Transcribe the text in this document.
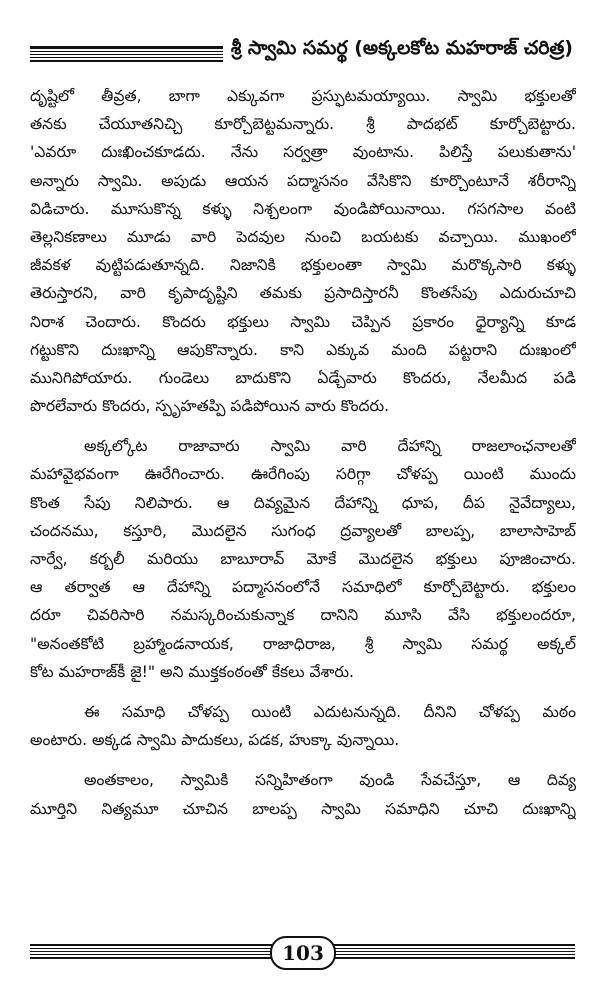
శ్రీ స్వామి సమర్థ (అక్కలకోట మహరాజ్ చరిత్ర)
దృష్టిలో తీవ్రత, బాగా ఎక్కువగా ప్రస్ఫుటమయ్యాయి. స్వామి భక్తులతో
తనకు చేయూతనిచ్చి కూర్చోబెట్టమన్నారు. శ్రీ పాదభట్ కూర్చోబెట్టారు.
'ఎవరూ దుఃఖించకూడదు. నేను సర్వత్రా వుంటాను. పిలిస్తే పలుకుతాను'
అన్నారు స్వామి. అపుడు ఆయన పద్మాసనం వేసికొని కూర్చొంటూనే శరీరాన్ని
విడిచారు. మూసుకొన్న కళ్ళు నిశ్చలంగా వుండిపోయినాయి. గసగసాల వంటి
తెల్లనికణాలు మూడు వారి పెదవుల నుంచి బయటకు వచ్చాయి. ముఖంలో
జీవకళ వుట్టిపడుతూన్నది. నిజానికి భక్తులంతా స్వామి మరొక్కసారి కళ్ళు
తెరుస్తారని, వారి కృపాదృష్టిని తమకు ప్రసాదిస్తారనీ కొంతసేపు ఎదురుచూచి
నిరాశ చెందారు. కొందరు భక్తులు స్వామి చెప్పిన ప్రకారం ధైర్యాన్ని కూడ
గట్టుకొని దుఃఖాన్ని ఆపుకొన్నారు. కాని ఎక్కువ మంది పట్టరాని దుఃఖంలో
మునిగిపోయారు. గుండెలు బాదుకొని ఏడ్చేవారు కొందరు, నేలమీద పడి
పొరలేవారు కొందరు, స్పృహతప్పి పడిపోయిన వారు కొందరు.
అక్కల్కోట రాజావారు స్వామి వారి దేహాన్ని రాజలాంఛనాలతో
మహావైభవంగా ఊరేగించారు. ఊరేగింపు సరిగ్గా చోళప్ప యింటి ముందు
కొంత సేపు నిలిపారు. ఆ దివ్యమైన దేహాన్ని ధూప, దీప నైవేద్యాలు,
చందనము, కస్తూరి, మొదలైన సుగంధ ద్రవ్యాలతో బాలప్ప, బాలాసాహెబ్
నార్వే, కర్బలీ మరియు బాబూరావ్ మోకే మొదలైన భక్తులు పూజించారు.
ఆ తర్వాత ఆ దేహాన్ని పద్మాసనంలోనే సమాధిలో కూర్చోబెట్టారు. భక్తులం
దరూ చివరిసారి నమస్కరించుకున్నాక దానిని మూసి వేసి భక్తులందరూ,
"అనంతకోటి బ్రహ్మాండనాయక, రాజాధిరాజ, శ్రీ స్వామి సమర్థ అక్కల్
కోట మహరాజ్‌కీ జై!" అని ముక్తకంఠంతో కేకలు వేశారు.
ఈ సమాధి చోళప్ప యింటి ఎదుటనున్నది. దీనిని చోళప్ప మఠం
అంటారు. అక్కడ స్వామి పాదుకలు, పడక, హుక్కా వున్నాయి.
అంతకాలం, స్వామికి సన్నిహితంగా వుండి సేవచేస్తూ, ఆ దివ్య
మూర్తిని నిత్యమూ చూచిన బాలప్ప స్వామి సమాధిని చూచి దుఃఖాన్ని
103
